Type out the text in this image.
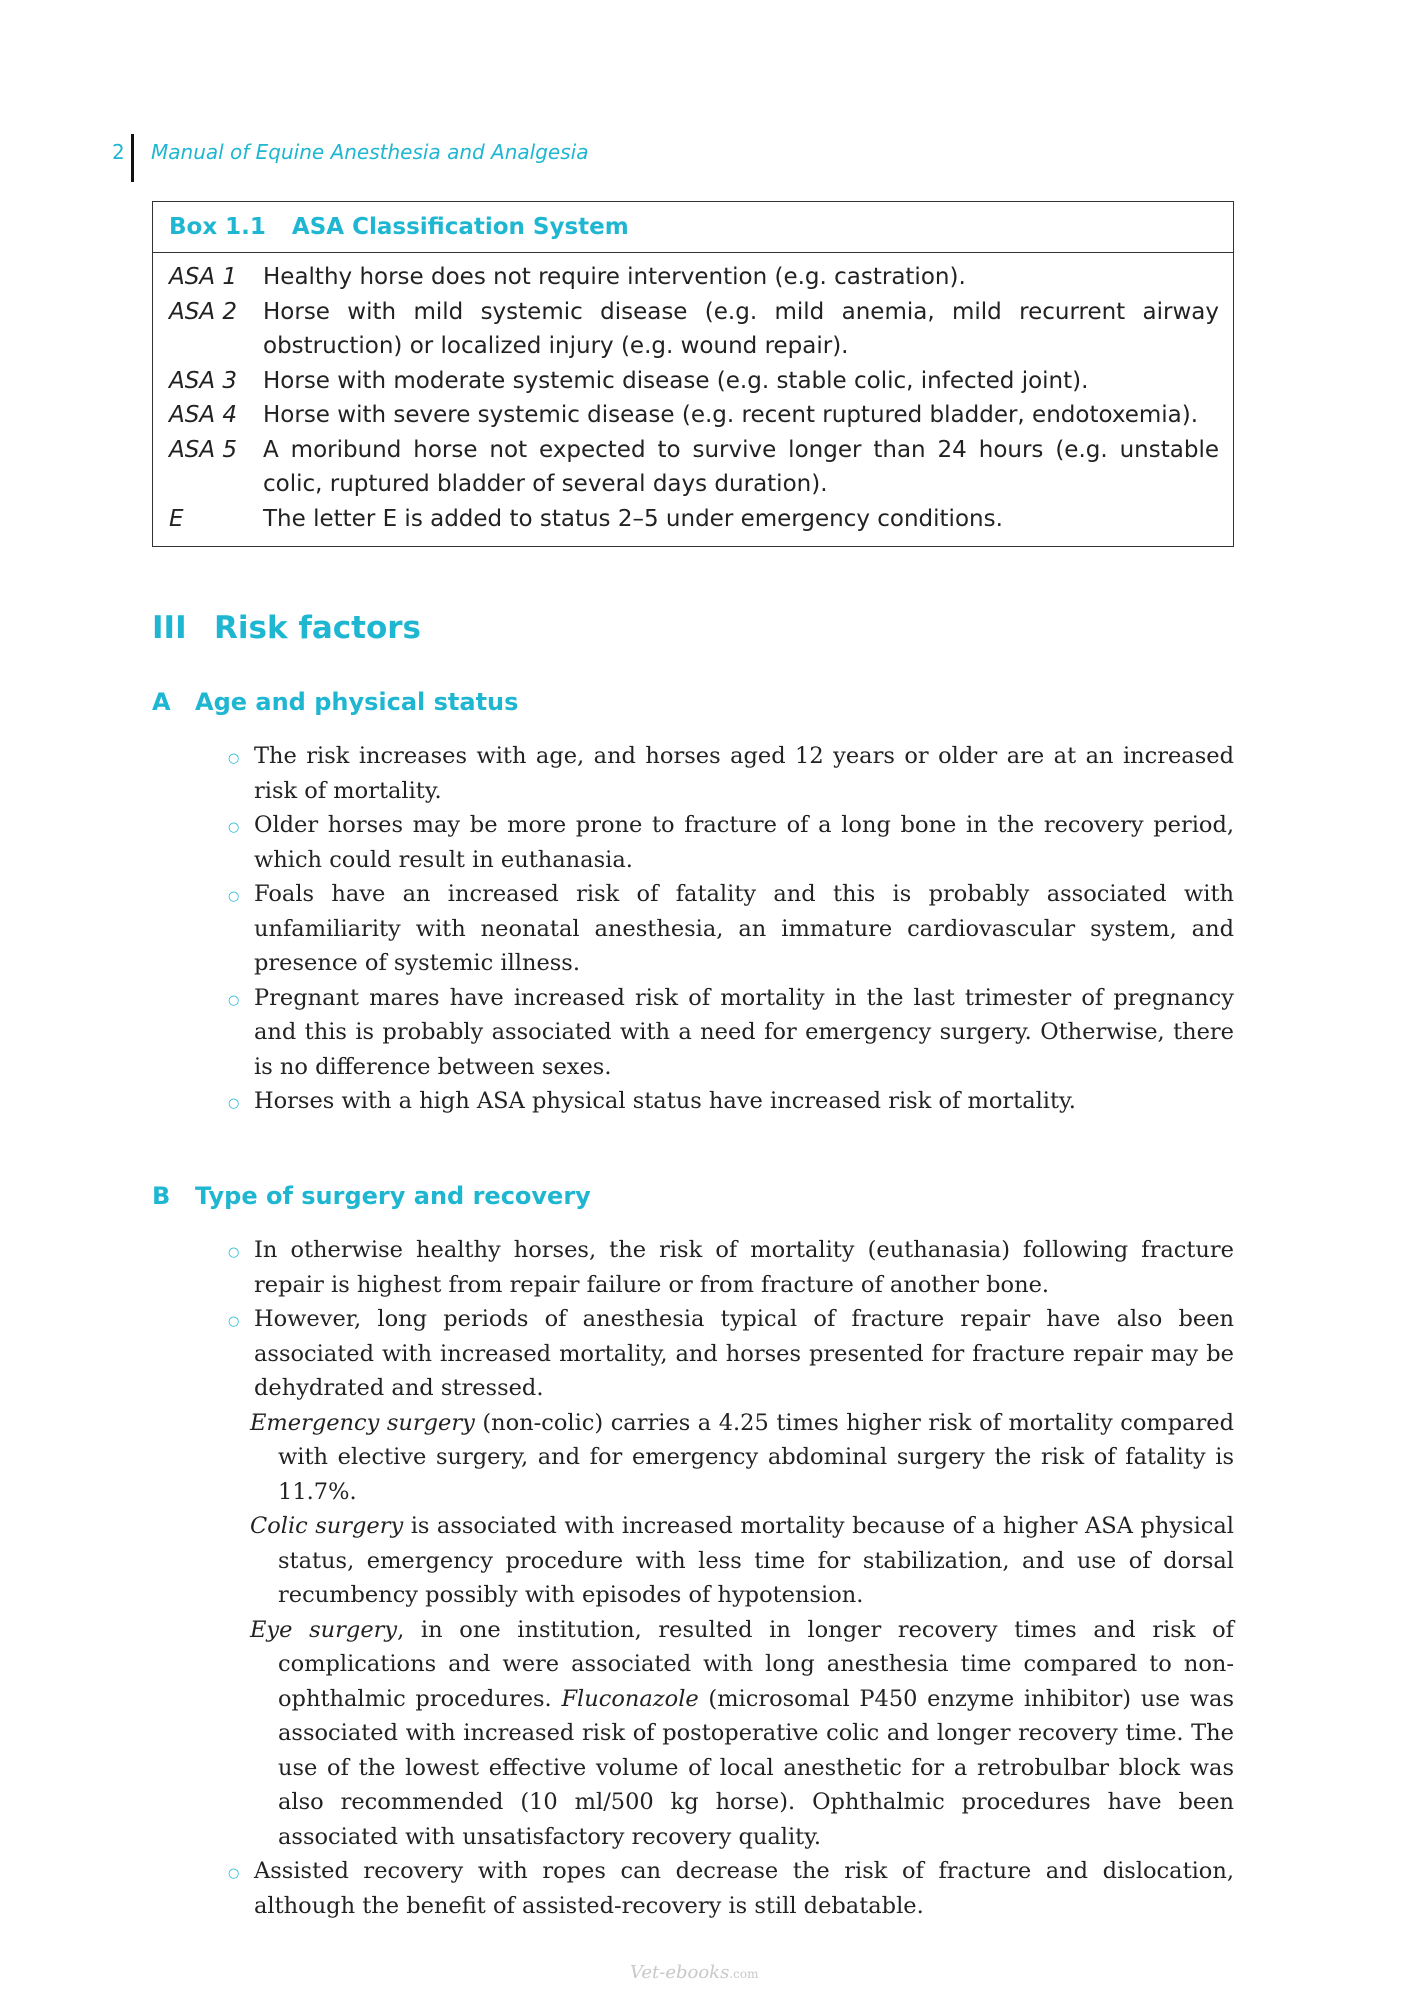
2 Manual of Equine Anesthesia and Analgesia
Box 1.1 ASA Classification System
ASA 1	Healthy horse does not require intervention (e.g. castration).
ASA 2	Horse with mild systemic disease (e.g. mild anemia, mild recurrent airway obstruction) or localized injury (e.g. wound repair).
ASA 3	Horse with moderate systemic disease (e.g. stable colic, infected joint).
ASA 4	Horse with severe systemic disease (e.g. recent ruptured bladder, endotoxemia).
ASA 5	A moribund horse not expected to survive longer than 24 hours (e.g. unstable colic, ruptured bladder of several days duration).
E	The letter E is added to status 2–5 under emergency conditions.
III Risk factors
A Age and physical status
○ The risk increases with age, and horses aged 12 years or older are at an increased risk of mortality.
○ Older horses may be more prone to fracture of a long bone in the recovery period, which could result in euthanasia.
○ Foals have an increased risk of fatality and this is probably associated with unfamiliarity with neonatal anesthesia, an immature cardiovascular system, and presence of systemic illness.
○ Pregnant mares have increased risk of mortality in the last trimester of pregnancy and this is probably associated with a need for emergency surgery. Otherwise, there is no difference between sexes.
○ Horses with a high ASA physical status have increased risk of mortality.
B Type of surgery and recovery
○ In otherwise healthy horses, the risk of mortality (euthanasia) following fracture repair is highest from repair failure or from fracture of another bone.
○ However, long periods of anesthesia typical of fracture repair have also been associated with increased mortality, and horses presented for fracture repair may be dehydrated and stressed.
Emergency surgery (non-colic) carries a 4.25 times higher risk of mortality compared with elective surgery, and for emergency abdominal surgery the risk of fatality is 11.7%.
Colic surgery is associated with increased mortality because of a higher ASA physical status, emergency procedure with less time for stabilization, and use of dorsal recumbency possibly with episodes of hypotension.
Eye surgery, in one institution, resulted in longer recovery times and risk of complications and were associated with long anesthesia time compared to non-ophthalmic procedures. Fluconazole (microsomal P450 enzyme inhibitor) use was associated with increased risk of postoperative colic and longer recovery time. The use of the lowest effective volume of local anesthetic for a retrobulbar block was also recommended (10 ml/500 kg horse). Ophthalmic procedures have been associated with unsatisfactory recovery quality.
○ Assisted recovery with ropes can decrease the risk of fracture and dislocation, although the benefit of assisted-recovery is still debatable.
Vet-ebooks.com
